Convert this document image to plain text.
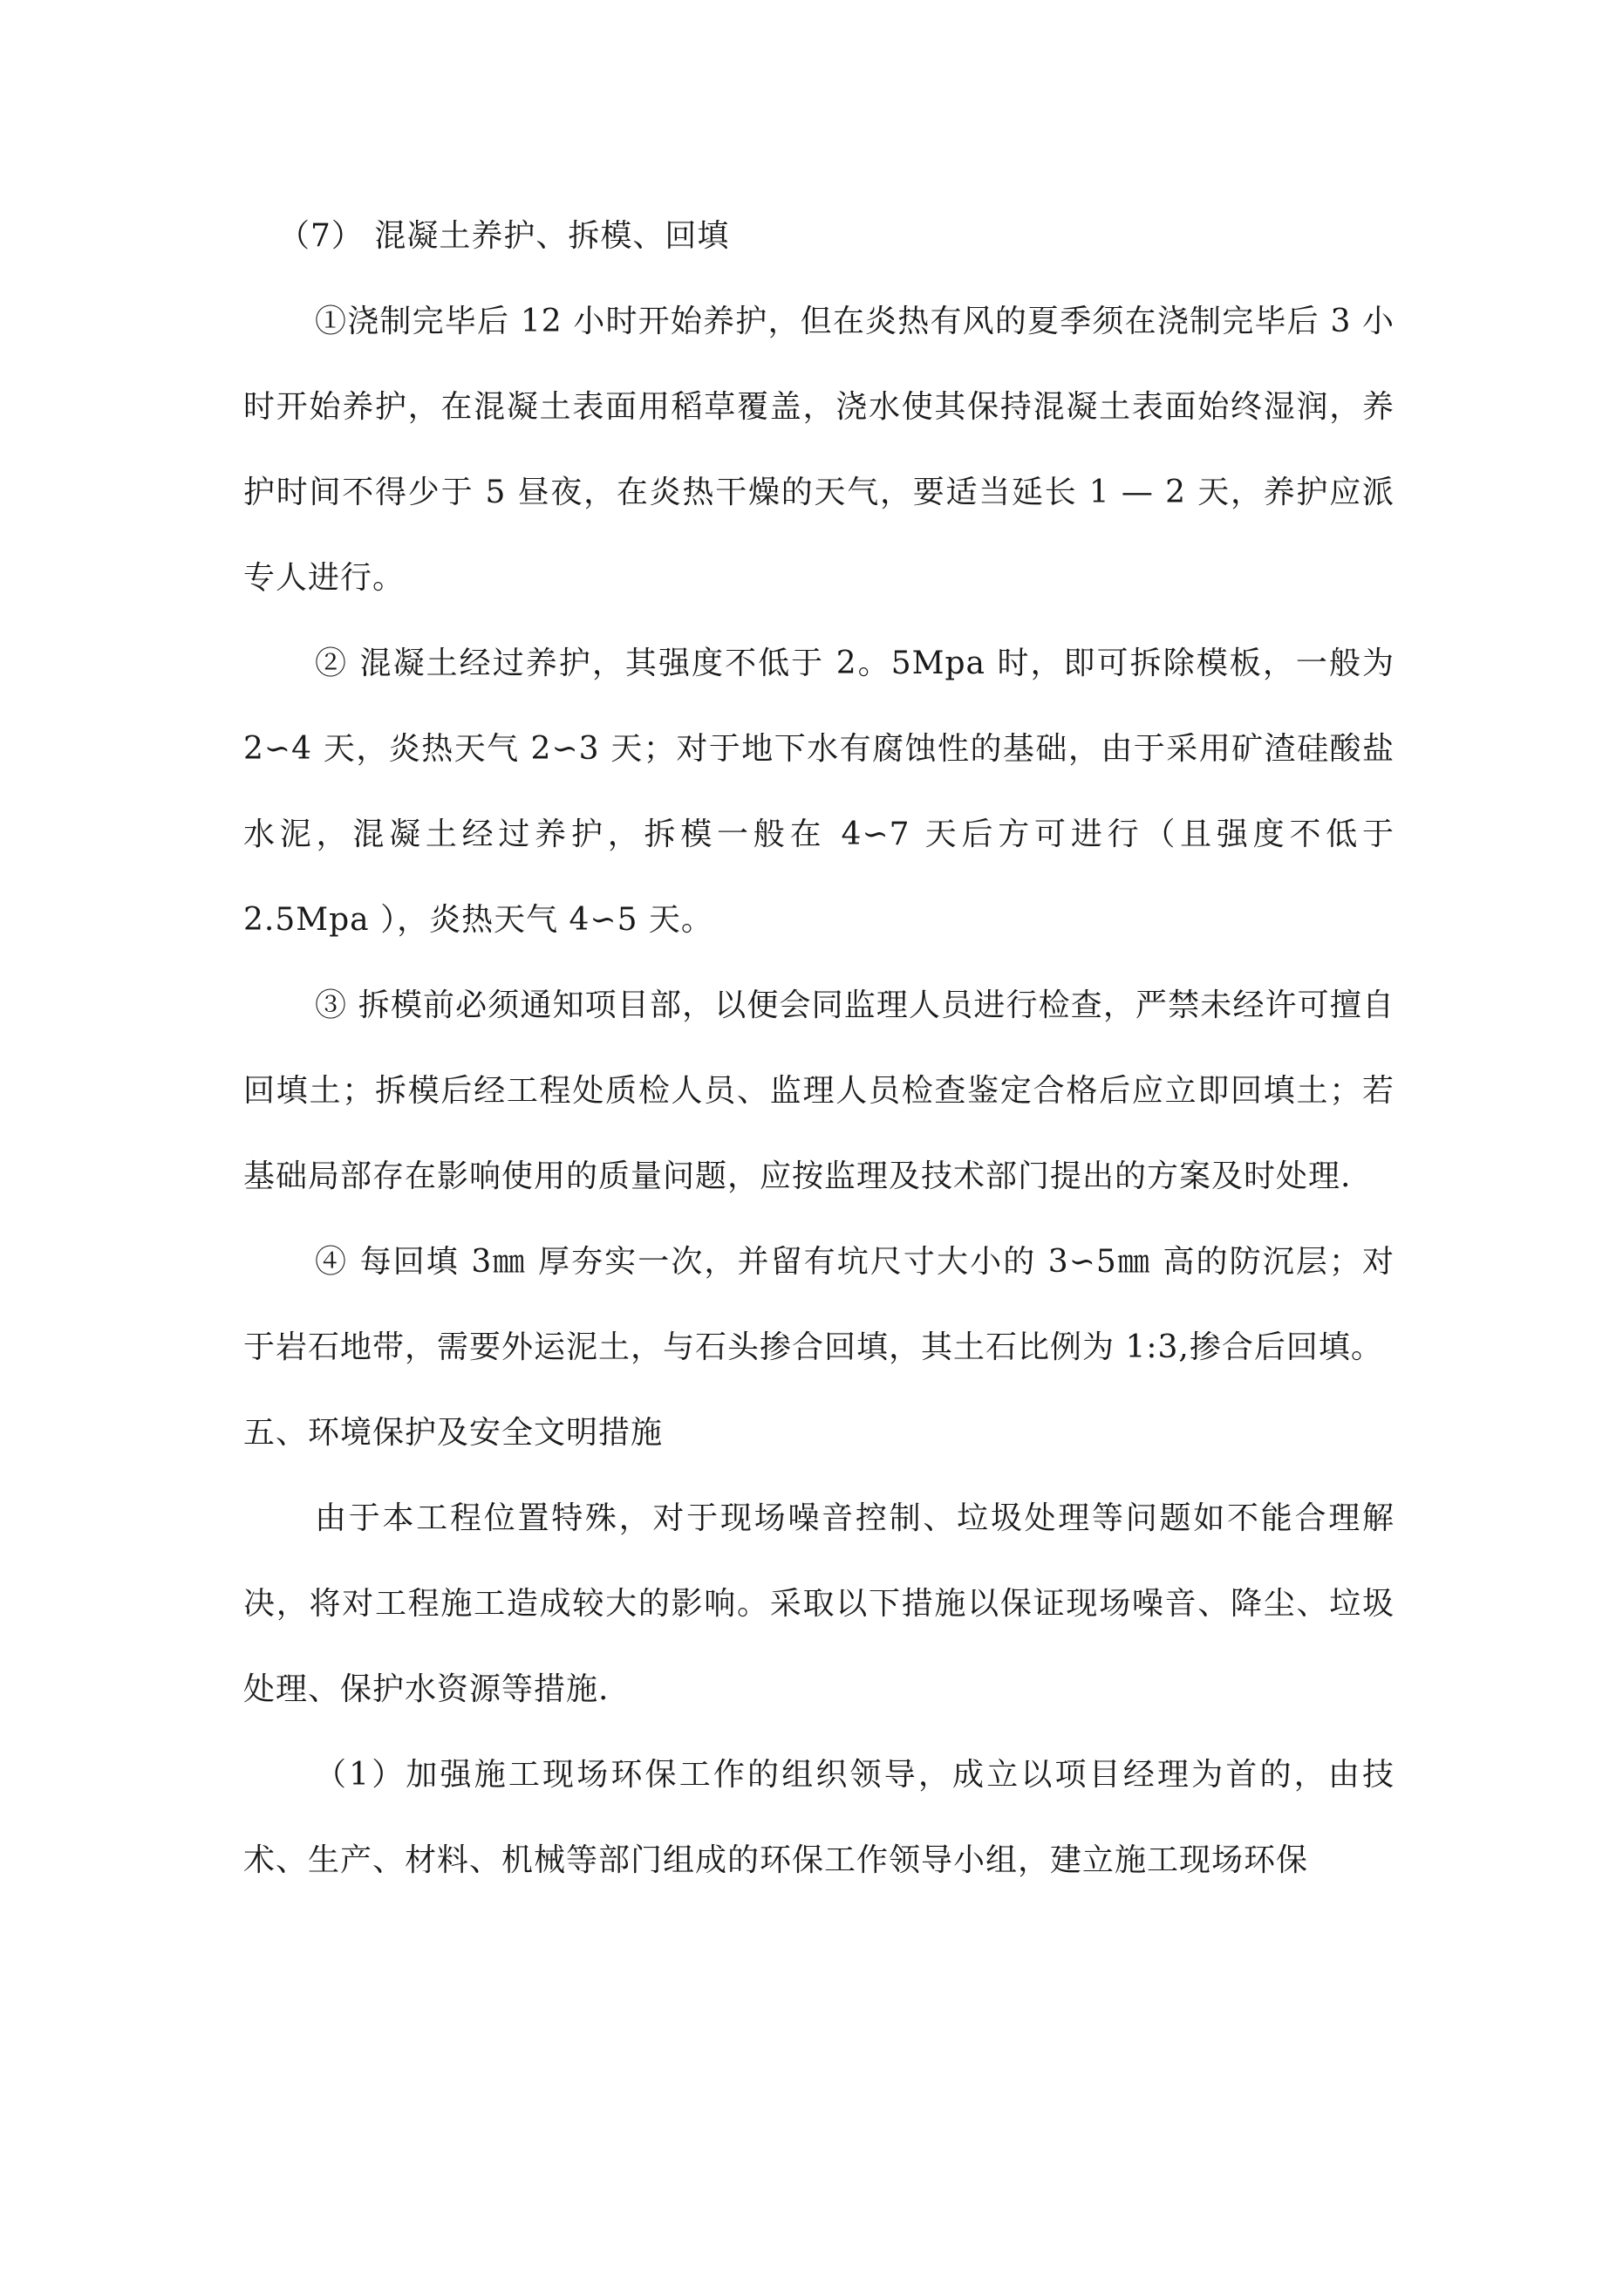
（7） 混凝土养护、拆模、回填

①浇制完毕后 12 小时开始养护，但在炎热有风的夏季须在浇制完毕后 3 小时开始养护，在混凝土表面用稻草覆盖，浇水使其保持混凝土表面始终湿润，养护时间不得少于 5 昼夜，在炎热干燥的天气，要适当延长 1 — 2 天，养护应派专人进行。

② 混凝土经过养护，其强度不低于 2。5Mpa 时，即可拆除模板，一般为 2∽4 天，炎热天气 2∽3 天；对于地下水有腐蚀性的基础，由于采用矿渣硅酸盐水泥，混凝土经过养护，拆模一般在 4∽7 天后方可进行（且强度不低于 2.5Mpa ），炎热天气 4∽5 天。

③ 拆模前必须通知项目部，以便会同监理人员进行检查，严禁未经许可擅自回填土；拆模后经工程处质检人员、监理人员检查鉴定合格后应立即回填土；若基础局部存在影响使用的质量问题，应按监理及技术部门提出的方案及时处理.

④ 每回填 3㎜ 厚夯实一次，并留有坑尺寸大小的 3∽5㎜ 高的防沉层；对于岩石地带，需要外运泥土，与石头掺合回填，其土石比例为 1:3,掺合后回填。

五、环境保护及安全文明措施

由于本工程位置特殊，对于现场噪音控制、垃圾处理等问题如不能合理解决，将对工程施工造成较大的影响。采取以下措施以保证现场噪音、降尘、垃圾处理、保护水资源等措施.

（1）加强施工现场环保工作的组织领导，成立以项目经理为首的，由技术、生产、材料、机械等部门组成的环保工作领导小组，建立施工现场环保
